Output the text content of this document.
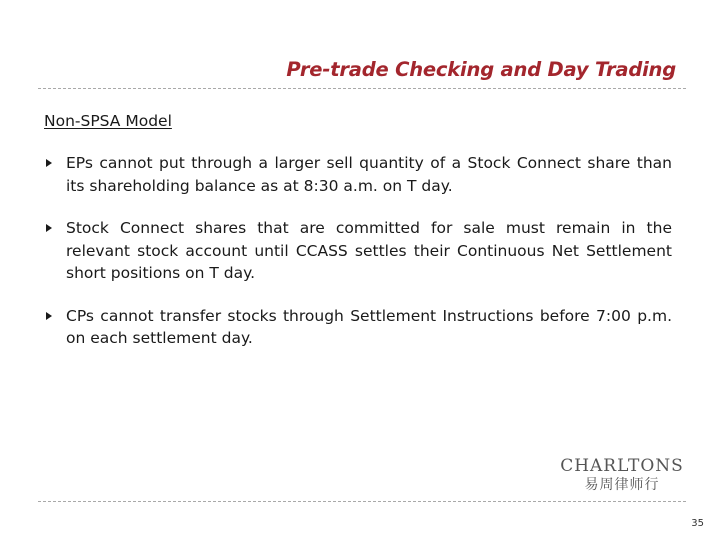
Pre-trade Checking and Day Trading

Non-SPSA Model

EPs cannot put through a larger sell quantity of a Stock Connect share than its shareholding balance as at 8:30 a.m. on T day.
Stock Connect shares that are committed for sale must remain in the relevant stock account until CCASS settles their Continuous Net Settlement short positions on T day.
CPs cannot transfer stocks through Settlement Instructions before 7:00 p.m. on each settlement day.
CHARLTONS
易周律师行
35
